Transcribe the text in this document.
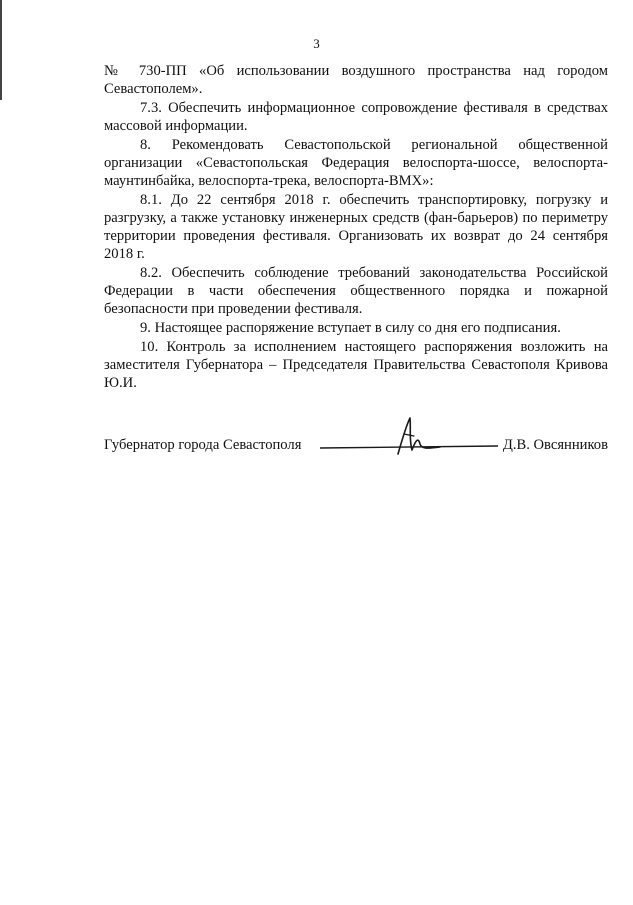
3

№ 730-ПП «Об использовании воздушного пространства над городом Севастополем».

7.3. Обеспечить информационное сопровождение фестиваля в средствах массовой информации.

8. Рекомендовать Севастопольской региональной общественной организации «Севастопольская Федерация велоспорта-шоссе, велоспорта-маунтинбайка, велоспорта-трека, велоспорта-ВМХ»:

8.1. До 22 сентября 2018 г. обеспечить транспортировку, погрузку и разгрузку, а также установку инженерных средств (фан-барьеров) по периметру территории проведения фестиваля. Организовать их возврат до 24 сентября 2018 г.

8.2. Обеспечить соблюдение требований законодательства Российской Федерации в части обеспечения общественного порядка и пожарной безопасности при проведении фестиваля.

9. Настоящее распоряжение вступает в силу со дня его подписания.

10. Контроль за исполнением настоящего распоряжения возложить на заместителя Губернатора – Председателя Правительства Севастополя Кривова Ю.И.

Губернатор города Севастополя	Д.В. Овсянников
